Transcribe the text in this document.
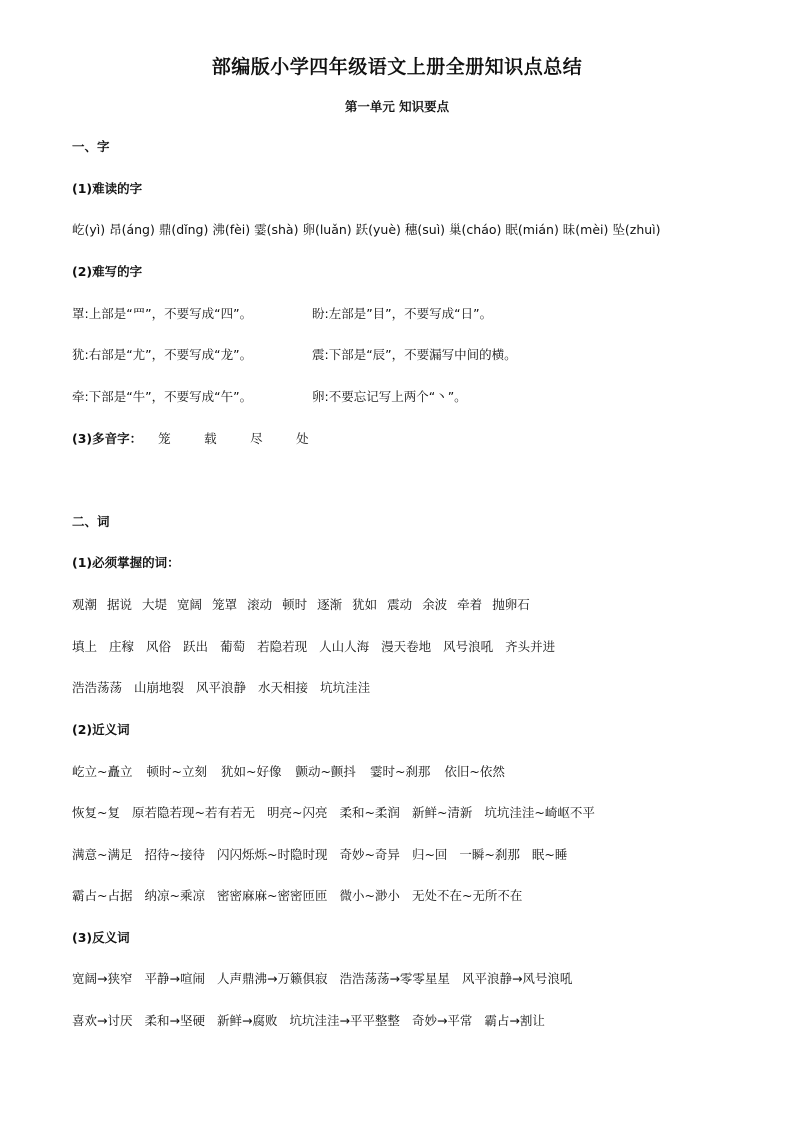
部编版小学四年级语文上册全册知识点总结
第一单元 知识要点
一、字
(1)难读的字
屹(yì) 昂(áng) 鼎(dǐng) 沸(fèi) 霎(shà) 卵(luǎn) 跃(yuè) 穗(suì) 巢(cháo) 眠(mián) 昧(mèi) 坠(zhuì)
(2)难写的字
罩:上部是“罒”，不要写成“四”。	盼:左部是”目”，不要写成“日”。
犹:右部是“尤”，不要写成“龙”。	震:下部是“辰”，不要漏写中间的横。
牵:下部是“牛”，不要写成“午”。	卵:不要忘记写上两个“丶”。
(3)多音字： 笼	载	尽	处
二、词
(1)必须掌握的词：
观潮 据说 大堤 宽阔 笼罩 滚动 顿时 逐渐 犹如 震动 余波 牵着 抛卵石
填上 庄稼 风俗 跃出 葡萄 若隐若现 人山人海 漫天卷地 风号浪吼 齐头并进
浩浩荡荡 山崩地裂 风平浪静 水天相接 坑坑洼洼
(2)近义词
屹立~矗立 顿时~立刻 犹如~好像 颤动~颤抖 霎时~刹那 依旧~依然
恢复~复 原若隐若现~若有若无 明亮~闪亮 柔和~柔润 新鲜~清新 坑坑洼洼~崎岖不平
满意~满足 招待~接待 闪闪烁烁~时隐时现 奇妙~奇异 归~回 一瞬~刹那 眠~睡
霸占~占据 纳凉~乘凉 密密麻麻~密密匝匝 微小~渺小 无处不在~无所不在
(3)反义词
宽阔→狭窄 平静→喧闹 人声鼎沸→万籁俱寂 浩浩荡荡→零零星星 风平浪静→风号浪吼
喜欢→讨厌 柔和→坚硬 新鲜→腐败 坑坑洼洼→平平整整 奇妙→平常 霸占→割让
